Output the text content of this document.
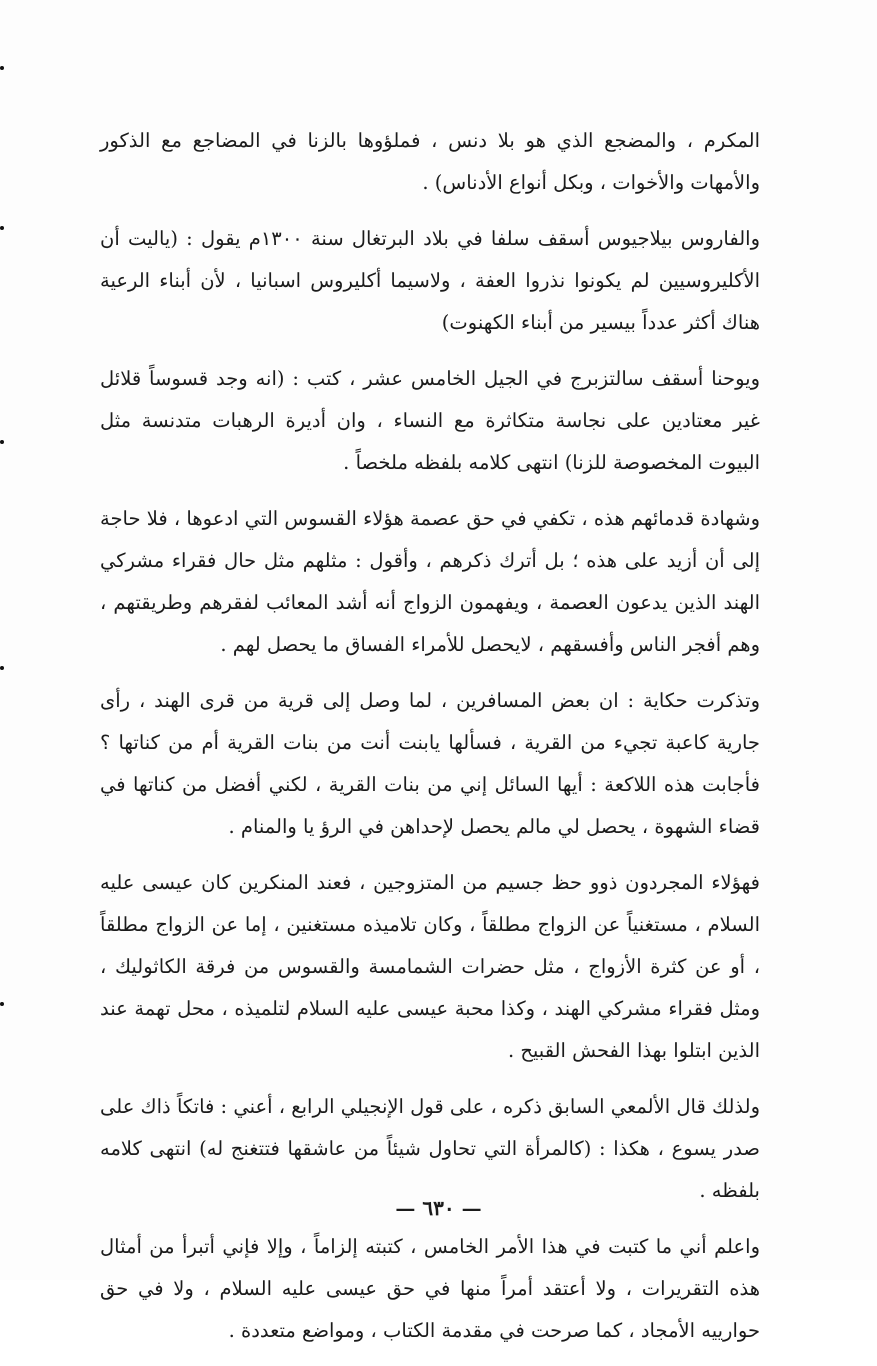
المكرم ، والمضجع الذي هو بلا دنس ، فملؤوها بالزنا في المضاجع مع الذكور والأمهات والأخوات ، وبكل أنواع الأدناس) .

والفاروس بيلاجيوس أسقف سلفا في بلاد البرتغال سنة ١٣٠٠م يقول : (ياليت أن الأكليروسيين لم يكونوا نذروا العفة ، ولاسيما أكليروس اسبانيا ، لأن أبناء الرعية هناك أكثر عدداً بيسير من أبناء الكهنوت)

ويوحنا أسقف سالتزبرج في الجيل الخامس عشر ، كتب : (انه وجد قسوساً قلائل غير معتادين على نجاسة متكاثرة مع النساء ، وان أديرة الرهبات متدنسة مثل البيوت المخصوصة للزنا) انتهى كلامه بلفظه ملخصاً .

وشهادة قدمائهم هذه ، تكفي في حق عصمة هؤلاء القسوس التي ادعوها ، فلا حاجة إلى أن أزيد على هذه ؛ بل أترك ذكرهم ، وأقول : مثلهم مثل حال فقراء مشركي الهند الذين يدعون العصمة ، ويفهمون الزواج أنه أشد المعائب لفقرهم وطريقتهم ، وهم أفجر الناس وأفسقهم ، لايحصل للأمراء الفساق ما يحصل لهم .

وتذكرت حكاية : ان بعض المسافرين ، لما وصل إلى قرية من قرى الهند ، رأى جارية كاعبة تجيء من القرية ، فسألها يابنت أنت من بنات القرية أم من كناتها ؟ فأجابت هذه اللاكعة : أيها السائل إني من بنات القرية ، لكني أفضل من كناتها في قضاء الشهوة ، يحصل لي مالم يحصل لإحداهن في الرؤ يا والمنام .

فهؤلاء المجردون ذوو حظ جسيم من المتزوجين ، فعند المنكرين كان عيسى عليه السلام ، مستغنياً عن الزواج مطلقاً ، وكان تلاميذه مستغنين ، إما عن الزواج مطلقاً ، أو عن كثرة الأزواج ، مثل حضرات الشمامسة والقسوس من فرقة الكاثوليك ، ومثل فقراء مشركي الهند ، وكذا محبة عيسى عليه السلام لتلميذه ، محل تهمة عند الذين ابتلوا بهذا الفحش القبيح .

ولذلك قال الألمعي السابق ذكره ، على قول الإنجيلي الرابع ، أعني : فاتكاً ذاك على صدر يسوع ، هكذا : (كالمرأة التي تحاول شيئاً من عاشقها فتتغنج له) انتهى كلامه بلفظه .

واعلم أني ما كتبت في هذا الأمر الخامس ، كتبته إلزاماً ، وإلا فإني أتبرأ من أمثال هذه التقريرات ، ولا أعتقد أمراً منها في حق عيسى عليه السلام ، ولا في حق حوارييه الأمجاد ، كما صرحت في مقدمة الكتاب ، ومواضع متعددة .

— ٦٣٠ —
